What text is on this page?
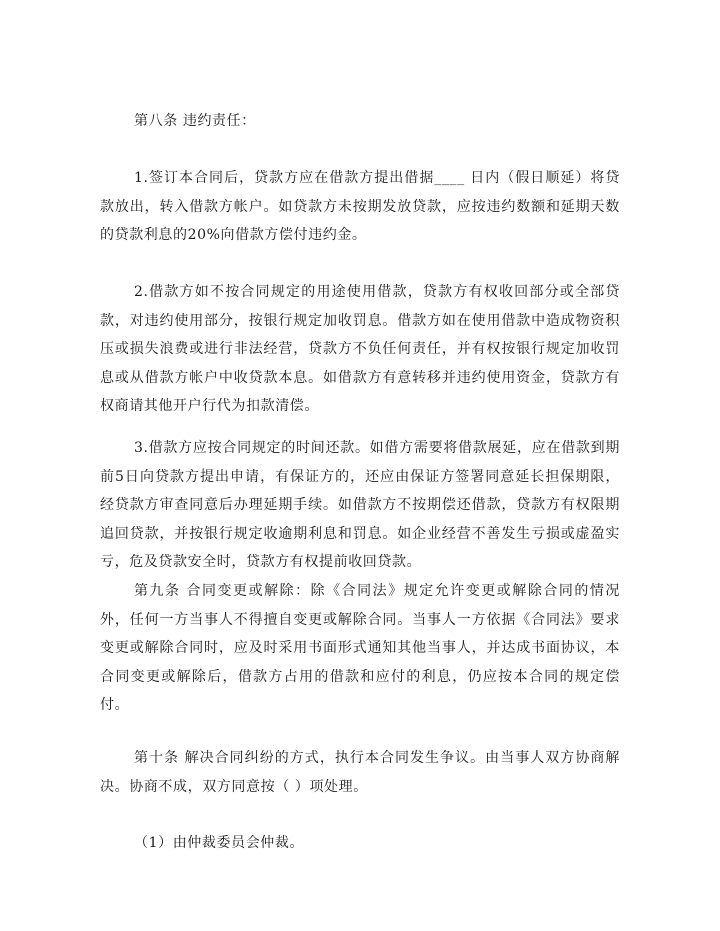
第八条 违约责任：

1.签订本合同后，贷款方应在借款方提出借据____ 日内（假日顺延）将贷款放出，转入借款方帐户。如贷款方未按期发放贷款，应按违约数额和延期天数的贷款利息的20%向借款方偿付违约金。

2.借款方如不按合同规定的用途使用借款，贷款方有权收回部分或全部贷款，对违约使用部分，按银行规定加收罚息。借款方如在使用借款中造成物资积压或损失浪费或进行非法经营，贷款方不负任何责任，并有权按银行规定加收罚息或从借款方帐户中收贷款本息。如借款方有意转移并违约使用资金，贷款方有权商请其他开户行代为扣款清偿。

3.借款方应按合同规定的时间还款。如借方需要将借款展延，应在借款到期前5日向贷款方提出申请，有保证方的，还应由保证方签署同意延长担保期限，经贷款方审查同意后办理延期手续。如借款方不按期偿还借款，贷款方有权限期追回贷款，并按银行规定收逾期利息和罚息。如企业经营不善发生亏损或虚盈实亏，危及贷款安全时，贷款方有权提前收回贷款。

第九条 合同变更或解除：除《合同法》规定允许变更或解除合同的情况外，任何一方当事人不得擅自变更或解除合同。当事人一方依据《合同法》要求变更或解除合同时，应及时采用书面形式通知其他当事人，并达成书面协议，本合同变更或解除后，借款方占用的借款和应付的利息，仍应按本合同的规定偿付。

第十条 解决合同纠纷的方式，执行本合同发生争议。由当事人双方协商解决。协商不成，双方同意按（ ）项处理。

（1）由仲裁委员会仲裁。
